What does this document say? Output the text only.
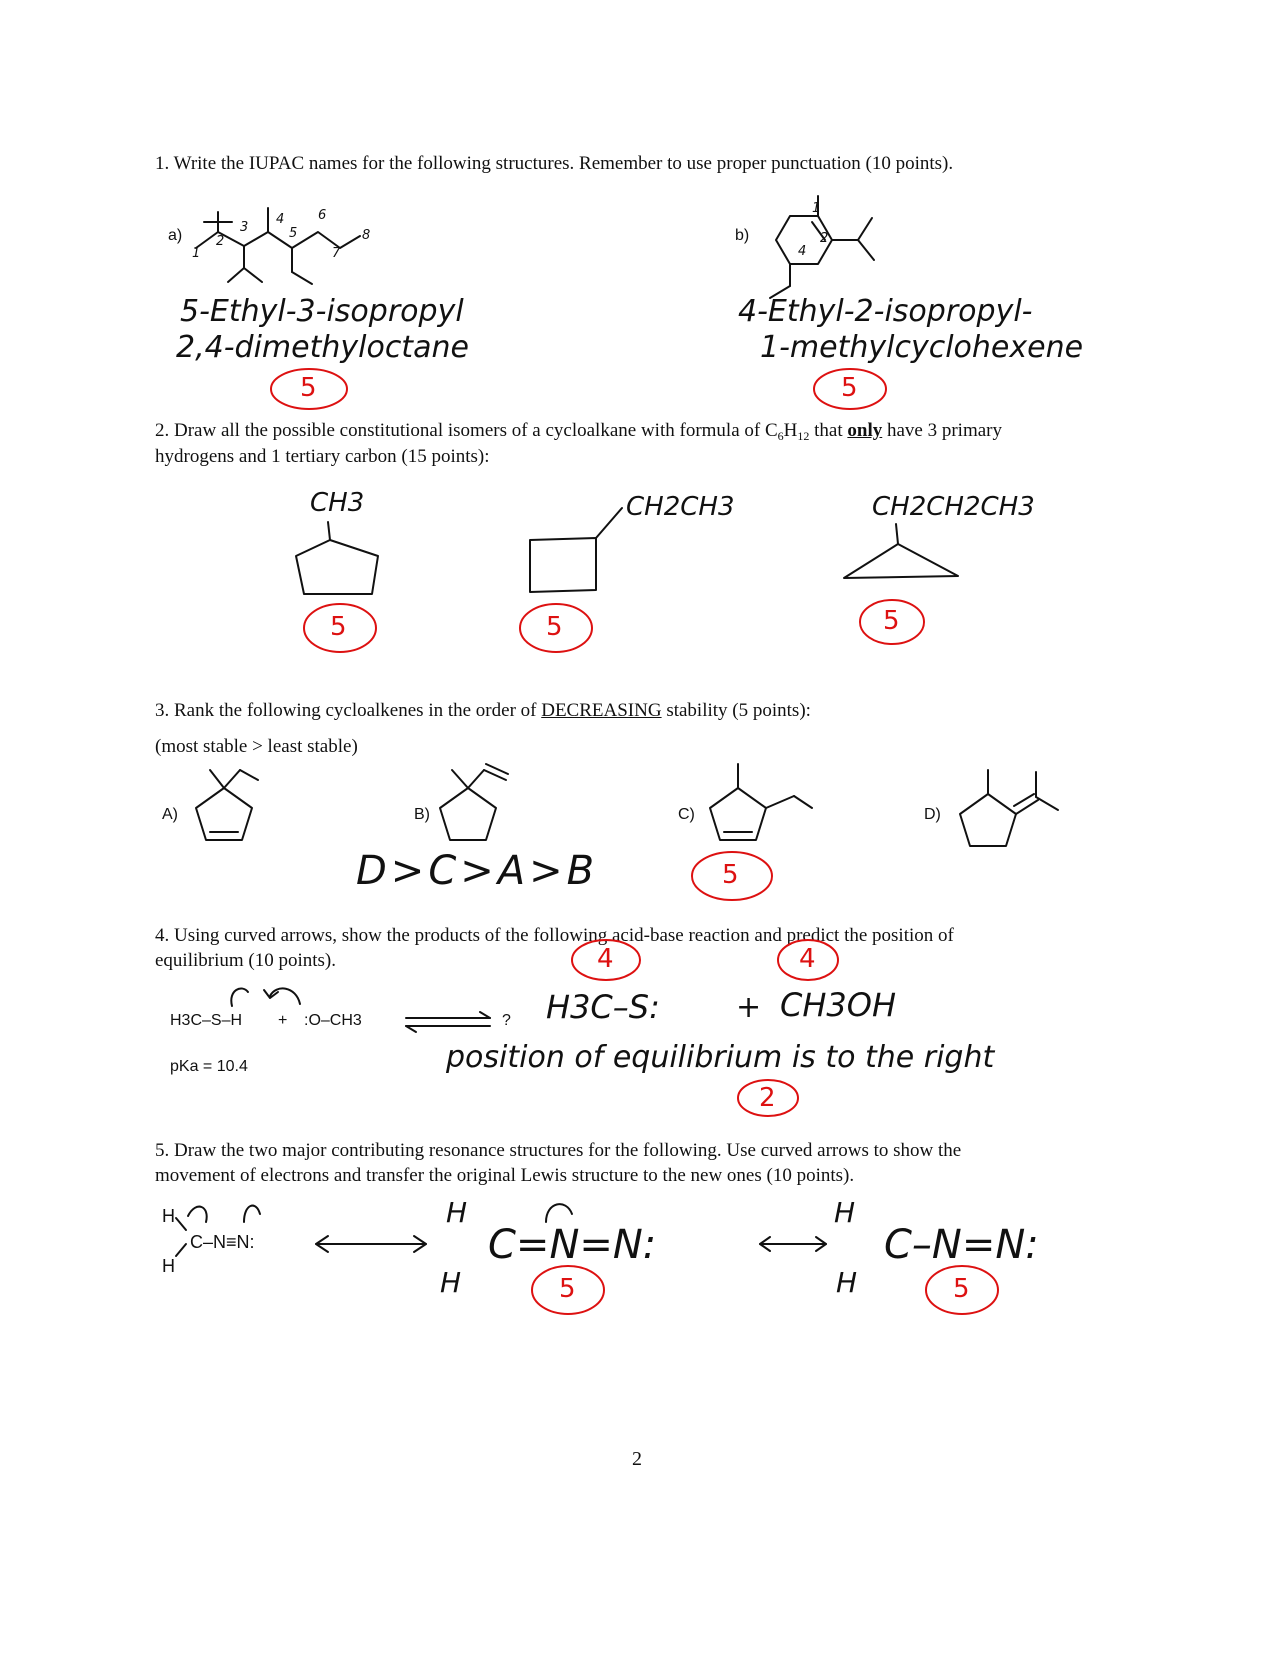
1. Write the IUPAC names for the following structures. Remember to use proper punctuation (10 points).
a)	b)
1
2
3
4
5
6
7
8
5-Ethyl-3-isopropyl
2,4-dimethyloctane
5
1
2
4
4-Ethyl-2-isopropyl-
1-methylcyclohexene
5
2. Draw all the possible constitutional isomers of a cycloalkane with formula of $C_6H_{12}$ that only have 3 primary
hydrogens and 1 tertiary carbon (15 points):
CH3
5
CH2CH3
5
CH2CH2CH3
5
3. Rank the following cycloalkenes in the order of DECREASING stability (5 points):
(most stable > least stable)
A)	B)	C)	D)
D>C>A>B	5
4. Using curved arrows, show the products of the following acid-base reaction and predict the position of
equilibrium (10 points).
H3C–S–H + :O–CH3
pKa = 10.4
? H3C–S:	+ CH3OH
4	4
position of equilibrium is to the right
2
5. Draw the two major contributing resonance structures for the following. Use curved arrows to show the
movement of electrons and transfer the original Lewis structure to the new ones (10 points).
H
H
C–N≡N:
H
H
C=N=N:
5
H
H
C–N=N:
5
2
